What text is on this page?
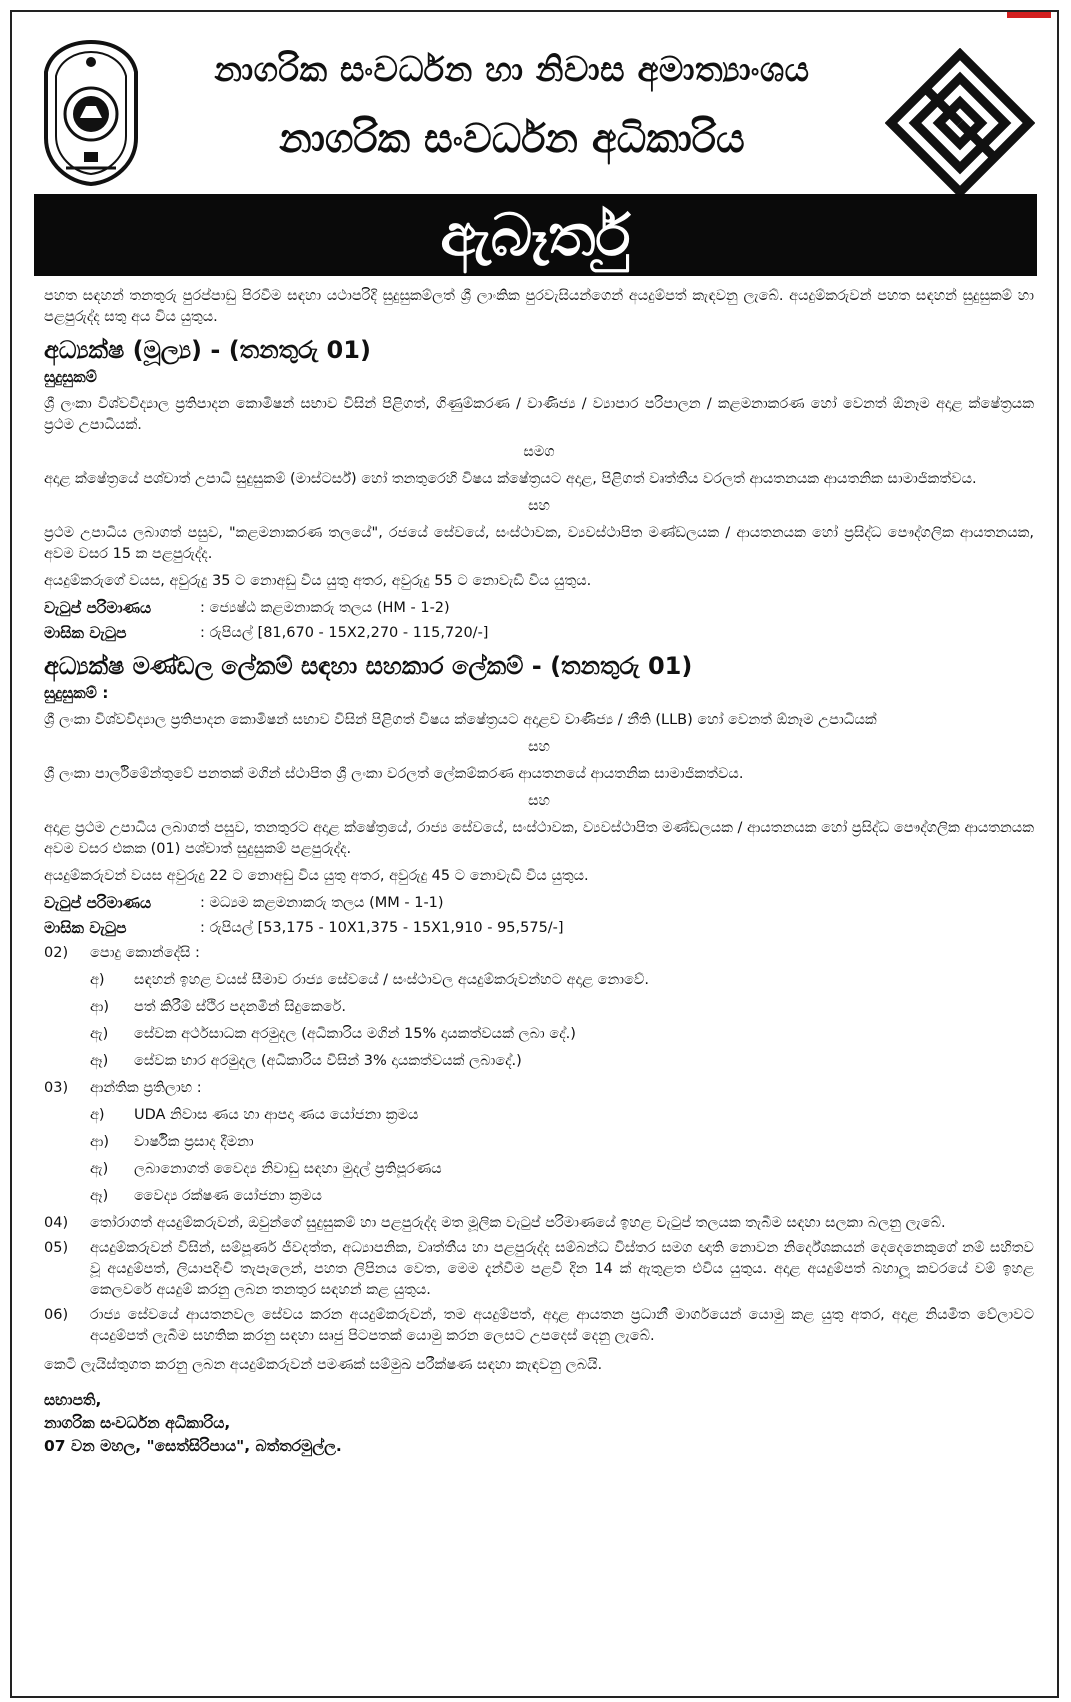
නාගරික සංවර්ධන හා නිවාස අමාත්‍යාංශය
නාගරික සංවර්ධන අධිකාරිය
ඇබෑර්තු

පහත සඳහන් තනතුරු පුරප්පාඩු පිරවීම සඳහා යථාපරිදි සුදුසුකම්ලත් ශ්‍රී ලාංකික පුරවැසියන්ගෙන් අයදුම්පත් කැඳවනු ලැබේ. අයදුම්කරුවන් පහත සඳහන් සුදුසුකම් හා පළපුරුද්ද සතු අය විය යුතුය.

අධ්‍යක්ෂ (මූල්‍ය) - (තනතුරු 01)
සුදුසුකම්

ශ්‍රී ලංකා විශ්වවිද්‍යාල ප්‍රතිපාදන කොමිෂන් සභාව විසින් පිළිගත්, ගිණුම්කරණ / වාණිජ්‍ය / ව්‍යාපාර පරිපාලන / කළමනාකරණ හෝ වෙනත් ඕනෑම අදාළ ක්ෂේත්‍රයක ප්‍රථම උපාධියක්.

සමග

අදාළ ක්ෂේත්‍රයේ පශ්චාත් උපාධි සුදුසුකම් (මාස්ටර්ස්) හෝ තනතුරෙහි විෂය ක්ෂේත්‍රයට අදාළ, පිළිගත් වෘත්තීය වරලත් ආයතනයක ආයතනික සාමාජිකත්වය.

සහ

ප්‍රථම උපාධිය ලබාගත් පසුව, "කළමනාකරණ තලයේ", රජයේ සේවයේ, සංස්ථාවක, ව්‍යවස්ථාපිත මණ්ඩලයක / ආයතනයක හෝ ප්‍රසිද්ධ පෞද්ගලික ආයතනයක, අවම වසර 15 ක පළපුරුද්ද.

අයදුම්කරුගේ වයස, අවුරුදු 35 ට නොඅඩු විය යුතු අතර, අවුරුදු 55 ට නොවැඩි විය යුතුය.

වැටුප් පරිමාණය	: ජ්‍යෙෂ්ඨ කළමනාකරු තලය (HM - 1-2)
මාසික වැටුප	: රුපියල් [81,670 - 15X2,270 - 115,720/-]
අධ්‍යක්ෂ මණ්ඩල ලේකම් සඳහා සහකාර ලේකම් - (තනතුරු 01)
සුදුසුකම් :

ශ්‍රී ලංකා විශ්වවිද්‍යාල ප්‍රතිපාදන කොමිෂන් සභාව විසින් පිළිගත් විෂය ක්ෂේත්‍රයට අදාළව වාණිජ්‍ය / නීති (LLB) හෝ වෙනත් ඕනෑම උපාධියක්

සහ

ශ්‍රී ලංකා පාර්ලිමේන්තුවේ පනතක් මගින් ස්ථාපිත ශ්‍රී ලංකා වරලත් ලේකම්කරණ ආයතනයේ ආයතනික සාමාජිකත්වය.

සහ

අදාළ ප්‍රථම උපාධිය ලබාගත් පසුව, තනතුරට අදාළ ක්ෂේත්‍රයේ, රාජ්‍ය සේවයේ, සංස්ථාවක, ව්‍යවස්ථාපිත මණ්ඩලයක / ආයතනයක හෝ ප්‍රසිද්ධ පෞද්ගලික ආයතනයක අවම වසර එකක (01) පශ්චාත් සුදුසුකම් පළපුරුද්ද.

අයදුම්කරුවන් වයස අවුරුදු 22 ට නොඅඩු විය යුතු අතර, අවුරුදු 45 ට නොවැඩි විය යුතුය.

වැටුප් පරිමාණය	: මධ්‍යම කළමනාකරු තලය (MM - 1-1)
මාසික වැටුප	: රුපියල් [53,175 - 10X1,375 - 15X1,910 - 95,575/-]
02)	පොදු කොන්දේසි :
අ)	සඳහන් ඉහළ වයස් සීමාව රාජ්‍ය සේවයේ / සංස්ථාවල අයදුම්කරුවන්හට අදාළ නොවේ.
ආ)	පත් කිරීම් ස්ථිර පදනමින් සිදුකෙරේ.
ඇ)	සේවක අර්ථසාධක අරමුදල (අධිකාරිය මගින් 15% දායකත්වයක් ලබා දේ.)
ඈ)	සේවක භාර අරමුදල (අධිකාරිය විසින් 3% දායකත්වයක් ලබාදේ.)
03)	ආන්තික ප්‍රතිලාභ :
අ)	UDA නිවාස ණය හා ආපදා ණය යෝජනා ක්‍රමය
ආ)	වාර්ෂික ප්‍රසාද දීමනා
ඇ)	ලබානොගත් වෛද්‍ය නිවාඩු සඳහා මුදල් ප්‍රතිපූරණය
ඈ)	වෛද්‍ය රක්ෂණ යෝජනා ක්‍රමය
04)	තෝරාගත් අයදුම්කරුවන්, ඔවුන්ගේ සුදුසුකම් හා පළපුරුද්ද මත මූලික වැටුප් පරිමාණයේ ඉහළ වැටුප් තලයක තැබීම සඳහා සලකා බලනු ලැබේ.
05)	අයදුම්කරුවන් විසින්, සම්පූර්ණ ජීවදත්ත, අධ්‍යාපනික, වෘත්තීය හා පළපුරුද්ද සම්බන්ධ විස්තර සමග ඥාති නොවන නිර්දේශකයන් දෙදෙනෙකුගේ නම් සහිතව වූ අයදුම්පත්, ලියාපදිංචි තැපෑලෙන්, පහත ලිපිනය වෙත, මෙම දැන්වීම පළවී දින 14 ක් ඇතුළත එවිය යුතුය. අදාළ අයදුම්පත් බහාලූ කවරයේ වම් ඉහළ කෙලවරේ අයදුම් කරනු ලබන තනතුර සඳහන් කළ යුතුය.
06)	රාජ්‍ය සේවයේ ආයතනවල සේවය කරන අයදුම්කරුවන්, තම අයදුම්පත්, අදාළ ආයතන ප්‍රධානී මාර්ගයෙන් යොමු කළ යුතු අතර, අදාළ නියමිත වේලාවට අයදුම්පත් ලැබීම සහතික කරනු සඳහා සෘජු පිටපතක් යොමු කරන ලෙසට උපදෙස් දෙනු ලැබේ.

කෙටි ලැයිස්තුගත කරනු ලබන අයදුම්කරුවන් පමණක් සම්මුඛ පරීක්ෂණ සඳහා කැඳවනු ලබයි.

සභාපති,
නාගරික සංවර්ධන අධිකාරිය,
07 වන මහල, "සෙත්සිරිපාය", බත්තරමුල්ල.
